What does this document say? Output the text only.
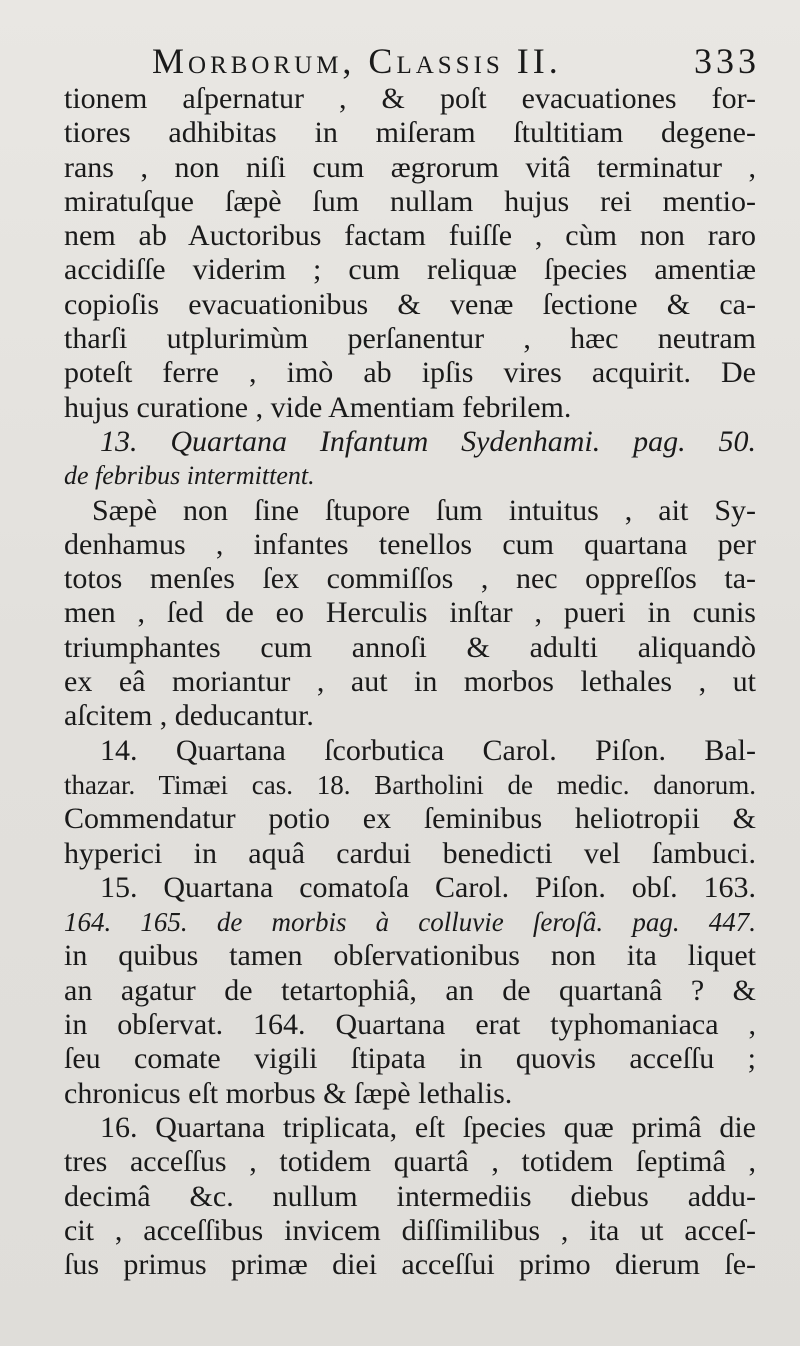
Morborum, Classis II.	333
tionem aſpernatur , & poſt evacuationes for-
tiores adhibitas in miſeram ſtultitiam degene-
rans , non niſi cum ægrorum vitâ terminatur ,
miratuſque ſæpè ſum nullam hujus rei mentio-
nem ab Auctoribus factam fuiſſe , cùm non raro
accidiſſe viderim ; cum reliquæ ſpecies amentiæ
copioſis evacuationibus & venæ ſectione & ca-
tharſi utplurimùm perſanentur , hæc neutram
poteſt ferre , imò ab ipſis vires acquirit. De
hujus curatione , vide Amentiam febrilem.
13. Quartana Infantum Sydenhami. pag. 50.
de febribus intermittent.
Sæpè non ſine ſtupore ſum intuitus , ait Sy-
denhamus , infantes tenellos cum quartana per
totos menſes ſex commiſſos , nec oppreſſos ta-
men , ſed de eo Herculis inſtar , pueri in cunis
triumphantes cum annoſi & adulti aliquandò
ex eâ moriantur , aut in morbos lethales , ut
aſcitem , deducantur.
14. Quartana ſcorbutica Carol. Piſon. Bal-
thazar. Timæi cas. 18. Bartholini de medic. danorum.
Commendatur potio ex ſeminibus heliotropii &
hyperici in aquâ cardui benedicti vel ſambuci.
15. Quartana comatoſa Carol. Piſon. obſ. 163.
164. 165. de morbis à colluvie ſeroſâ. pag. 447.
in quibus tamen obſervationibus non ita liquet
an agatur de tetartophiâ, an de quartanâ ? &
in obſervat. 164. Quartana erat typhomaniaca ,
ſeu comate vigili ſtipata in quovis acceſſu ;
chronicus eſt morbus & ſæpè lethalis.
16. Quartana triplicata, eſt ſpecies quæ primâ die
tres acceſſus , totidem quartâ , totidem ſeptimâ ,
decimâ &c. nullum intermediis diebus addu-
cit , acceſſibus invicem diſſimilibus , ita ut acceſ-
ſus primus primæ diei acceſſui primo dierum ſe-
